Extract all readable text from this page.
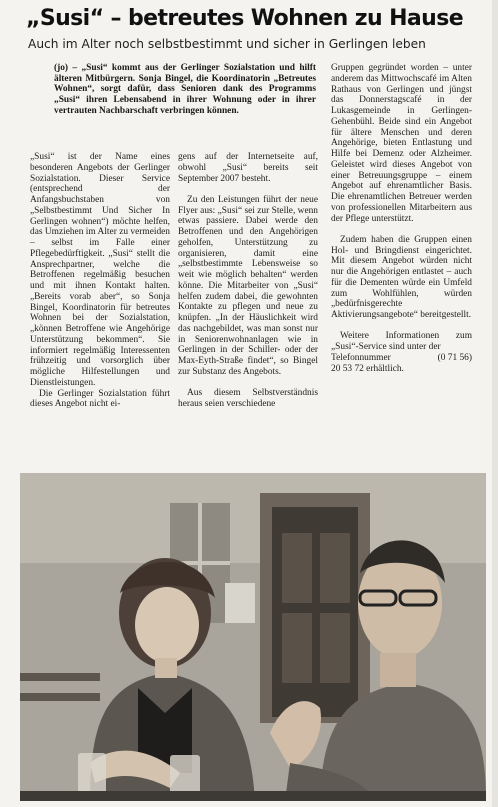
„Susi“ – betreutes Wohnen zu Hause
Auch im Alter noch selbstbestimmt und sicher in Gerlingen leben
(jo) – „Susi“ kommt aus der Gerlinger Sozialstation und hilft älteren Mitbürgern. Sonja Bingel, die Koordinatorin „Betreutes Wohnen“, sorgt dafür, dass Senioren dank des Programms „Susi“ ihren Lebensabend in ihrer Wohnung oder in ihrer vertrauten Nachbarschaft verbringen können.

„Susi“ ist der Name eines besonderen Angebots der Gerlinger Sozialstation. Dieser Service (entsprechend der Anfangsbuchstaben von „Selbstbestimmt Und Sicher In Gerlingen wohnen“) möchte helfen, das Umziehen im Alter zu vermeiden – selbst im Falle einer Pflegebedürftigkeit. „Susi“ stellt die Ansprechpartner, welche die Betroffenen regelmäßig besuchen und mit ihnen Kontakt halten. „Bereits vorab aber“, so Sonja Bingel, Koordinatorin für betreutes Wohnen bei der Sozialstation, „können Betroffene wie Angehörige Unterstützung bekommen“. Sie informiert regelmäßig Interessenten frühzeitig und vorsorglich über mögliche Hilfestellungen und Dienstleistungen.

Die Gerlinger Sozialstation führt dieses Angebot nicht ei-

gens auf der Internetseite auf, obwohl „Susi“ bereits seit September 2007 besteht.

Zu den Leistungen führt der neue Flyer aus: „Susi“ sei zur Stelle, wenn etwas passiere. Dabei werde den Betroffenen und den Angehörigen geholfen, Unterstützung zu organisieren, damit eine „selbstbestimmte Lebensweise so weit wie möglich behalten“ werden könne. Die Mitarbeiter von „Susi“ helfen zudem dabei, die gewohnten Kontakte zu pflegen und neue zu knüpfen. „In der Häuslichkeit wird das nachgebildet, was man sonst nur in Seniorenwohnanlagen wie in Gerlingen in der Schiller- oder der Max-Eyth-Straße findet“, so Bingel zur Substanz des Angebots.

Aus diesem Selbstverständnis heraus seien verschiedene

Gruppen gegründet worden – unter anderem das Mittwochscafé im Alten Rathaus von Gerlingen und jüngst das Donnerstagscafé in der Lukasgemeinde in Gerlingen-Gehenbühl. Beide sind ein Angebot für ältere Menschen und deren Angehörige, bieten Entlastung und Hilfe bei Demenz oder Alzheimer. Geleistet wird dieses Angebot von einer Betreuungsgruppe – einem Angebot auf ehrenamtlicher Basis. Die ehrenamtlichen Betreuer werden von professionellen Mitarbeitern aus der Pflege unterstützt.

Zudem haben die Gruppen einen Hol- und Bringdienst eingerichtet. Mit diesem Angebot würden nicht nur die Angehörigen entlastet – auch für die Dementen würde ein Umfeld zum Wohlfühlen, würden „bedürfnisgerechte Aktivierungsangebote“ bereitgestellt.

Weitere Informationen zum „Susi“-Service sind unter der

Telefonnummer	(0 71 56)

20 53 72 erhältlich.
